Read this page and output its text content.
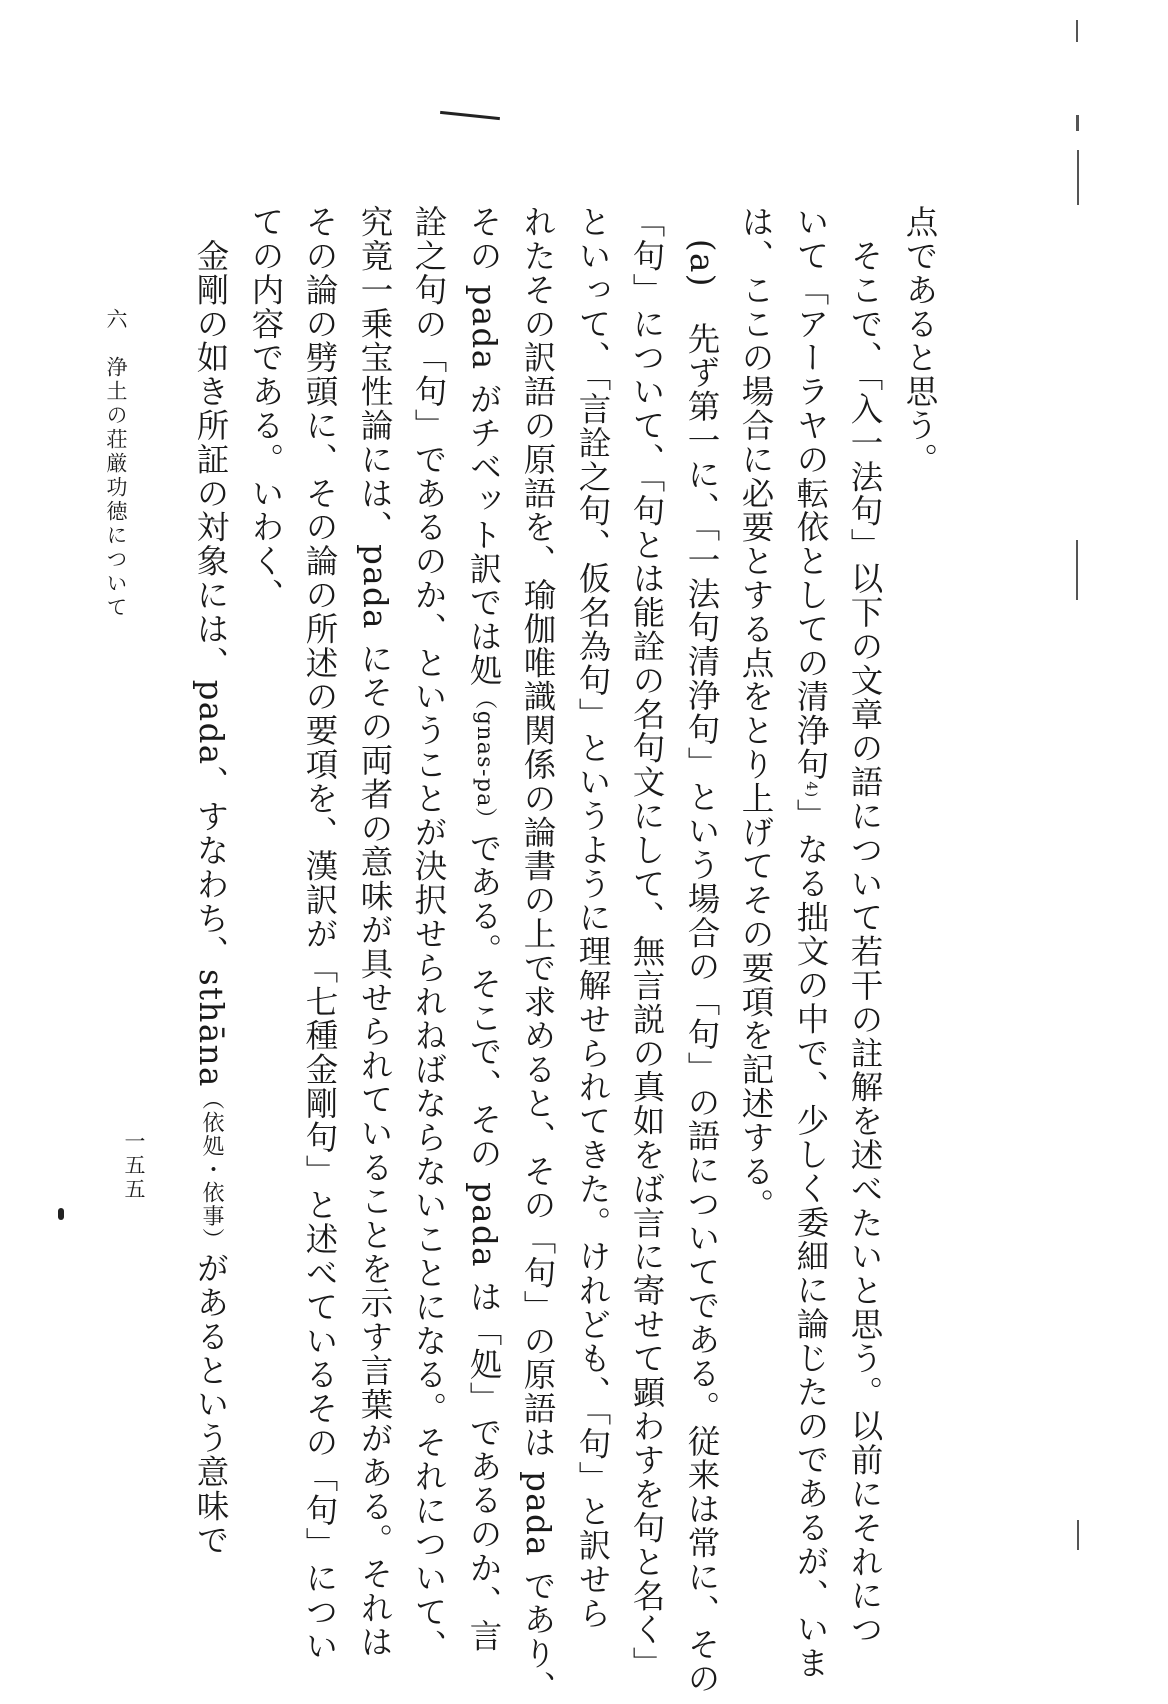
点であると思う。
　そこで、「入一法句」以下の文章の語について若干の註解を述べたいと思う。以前にそれにつ
いて「アーラヤの転依としての清浄句4)」なる拙文の中で、少しく委細に論じたのであるが、いま
は、ここの場合に必要とする点をとり上げてその要項を記述する。
　(a)　先ず第一に、「一法句清浄句」という場合の「句」の語についてである。従来は常に、その
「句」について、「句とは能詮の名句文にして、無言説の真如をば言に寄せて顕わすを句と名く」
といって、「言詮之句、仮名為句」というように理解せられてきた。けれども、「句」と訳せら
れたその訳語の原語を、瑜伽唯識関係の論書の上で求めると、その「句」の原語は pada であり、
その pada がチベット訳では処（gnas-pa）である。そこで、その pada は「処」であるのか、言
詮之句の「句」であるのか、ということが決択せられねばならないことになる。それについて、
究竟一乗宝性論には、pada にその両者の意味が具せられていることを示す言葉がある。それは
その論の劈頭に、その論の所述の要項を、漢訳が「七種金剛句」と述べているその「句」につい
ての内容である。いわく、
　金剛の如き所証の対象には、pada、すなわち、sthāna（依処・依事）があるという意味で
六　浄土の荘厳功徳について
一五五
